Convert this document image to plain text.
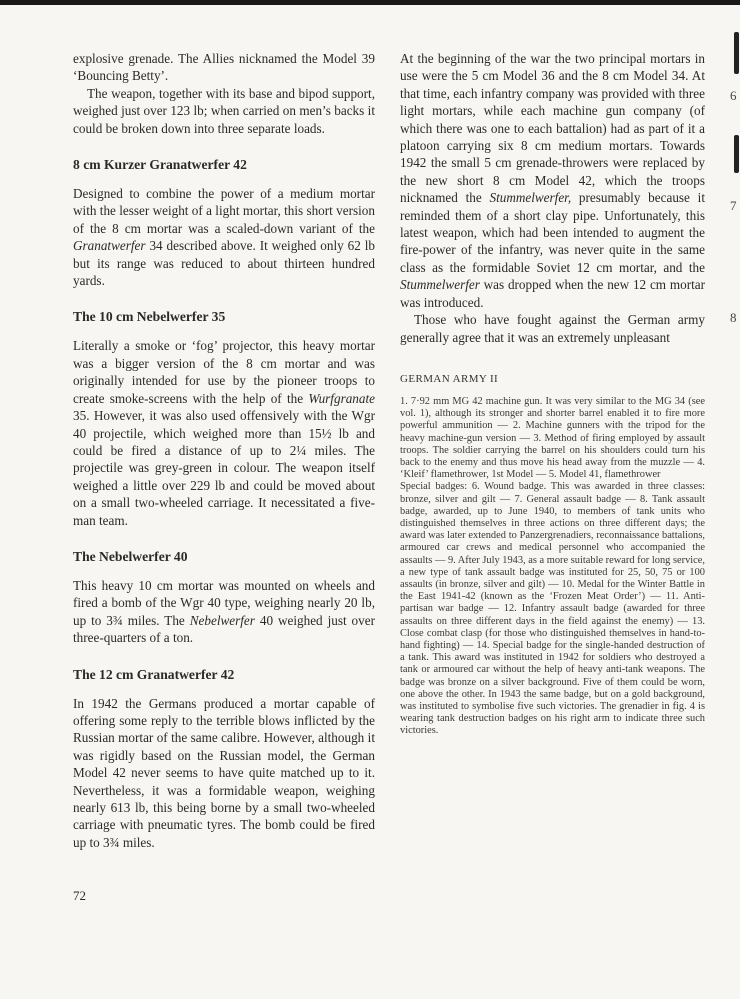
explosive grenade. The Allies nicknamed the Model 39 ‘Bouncing Betty’.

The weapon, together with its base and bipod support, weighed just over 123 lb; when carried on men’s backs it could be broken down into three separate loads.

8 cm Kurzer Granatwerfer 42

Designed to combine the power of a medium mortar with the lesser weight of a light mortar, this short version of the 8 cm mortar was a scaled-down variant of the Granatwerfer 34 described above. It weighed only 62 lb but its range was reduced to about thirteen hundred yards.

The 10 cm Nebelwerfer 35

Literally a smoke or ‘fog’ projector, this heavy mortar was a bigger version of the 8 cm mortar and was originally intended for use by the pioneer troops to create smoke-screens with the help of the Wurfgranate 35. However, it was also used offensively with the Wgr 40 projectile, which weighed more than 15½ lb and could be fired a distance of up to 2¼ miles. The projectile was grey-green in colour. The weapon itself weighed a little over 229 lb and could be moved about on a small two-wheeled carriage. It necessitated a five-man team.

The Nebelwerfer 40

This heavy 10 cm mortar was mounted on wheels and fired a bomb of the Wgr 40 type, weighing nearly 20 lb, up to 3¾ miles. The Nebelwerfer 40 weighed just over three-quarters of a ton.

The 12 cm Granatwerfer 42

In 1942 the Germans produced a mortar capable of offering some reply to the terrible blows inflicted by the Russian mortar of the same calibre. However, although it was rigidly based on the Russian model, the German Model 42 never seems to have quite matched up to it. Nevertheless, it was a formidable weapon, weighing nearly 613 lb, this being borne by a small two-wheeled carriage with pneumatic tyres. The bomb could be fired up to 3¾ miles.

At the beginning of the war the two principal mortars in use were the 5 cm Model 36 and the 8 cm Model 34. At that time, each infantry company was provided with three light mortars, while each machine gun company (of which there was one to each battalion) had as part of it a platoon carrying six 8 cm medium mortars. Towards 1942 the small 5 cm grenade-throwers were replaced by the new short 8 cm Model 42, which the troops nicknamed the Stummelwerfer, presumably because it reminded them of a short clay pipe. Unfortunately, this latest weapon, which had been intended to augment the fire-power of the infantry, was never quite in the same class as the formidable Soviet 12 cm mortar, and the Stummelwerfer was dropped when the new 12 cm mortar was introduced.

Those who have fought against the German army generally agree that it was an extremely unpleasant

GERMAN ARMY II

1. 7·92 mm MG 42 machine gun. It was very similar to the MG 34 (see vol. 1), although its stronger and shorter barrel enabled it to fire more powerful ammunition — 2. Machine gunners with the tripod for the heavy machine-gun version — 3. Method of firing employed by assault troops. The soldier carrying the barrel on his shoulders could turn his back to the enemy and thus move his head away from the muzzle — 4. ‘Kleif’ flamethrower, 1st Model — 5. Model 41, flamethrower

Special badges: 6. Wound badge. This was awarded in three classes: bronze, silver and gilt — 7. General assault badge — 8. Tank assault badge, awarded, up to June 1940, to members of tank units who distinguished themselves in three actions on three different days; the award was later extended to Panzergrenadiers, reconnaissance battalions, armoured car crews and medical personnel who accompanied the assaults — 9. After July 1943, as a more suitable reward for long service, a new type of tank assault badge was instituted for 25, 50, 75 or 100 assaults (in bronze, silver and gilt) — 10. Medal for the Winter Battle in the East 1941-42 (known as the ‘Frozen Meat Order’) — 11. Anti-partisan war badge — 12. Infantry assault badge (awarded for three assaults on three different days in the field against the enemy) — 13. Close combat clasp (for those who distinguished themselves in hand-to-hand fighting) — 14. Special badge for the single-handed destruction of a tank. This award was instituted in 1942 for soldiers who destroyed a tank or armoured car without the help of heavy anti-tank weapons. The badge was bronze on a silver background. Five of them could be worn, one above the other. In 1943 the same badge, but on a gold background, was instituted to symbolise five such victories. The grenadier in fig. 4 is wearing tank destruction badges on his right arm to indicate three such victories.

72

6
7
8
